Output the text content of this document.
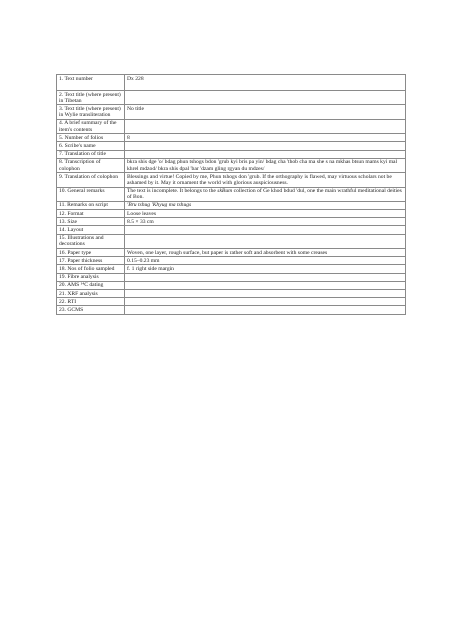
1. Text number	Dx 228
2. Text title (where present) in Tibetan	
3. Text title (where present) in Wylie transliteration	No title
4. A brief summary of the item's contents	
5. Number of folios	8
6. Scribe's name	
7. Translation of title	
8. Transcription of colophon	bkra shis dge 'o/ bdag phun tshogs bdon 'grub kyi bris pa yin/ bdag cha 'thob cha ma she s na mkhas btsun mams kyi mal khrel mdzod/ bkra shis dpal 'bar 'dzam gling rgyan du mdzes/
9. Translation of colophon	Blessings and virtue! Copied by me, Phun tshogs don 'grub. If the orthography is flawed, may virtuous scholars not be ashamed by it. May it ornament the world with glorious auspiciousness.
10. General remarks	The text is incomplete. It belongs to the skBum collection of Ge khod bdud 'dul, one the main wrathful meditational deities of Bon.
11. Remarks on script	'Bru tshug 'Khyug ma tshugs
12. Format	Loose leaves
13. Size	8.5 × 33 cm
14. Layout	
15. Illustrations and decorations	
16. Paper type	Woven, one layer, rough surface, but paper is rather soft and absorbent with some creases
17. Paper thickness	0.15–0.23 mm
18. Nos of folio sampled	f. 1 right side margin
19. Fibre analysis	
20. AMS ¹⁴C dating	
21. XRF analysis	
22. RTI	
23. GCMS	
